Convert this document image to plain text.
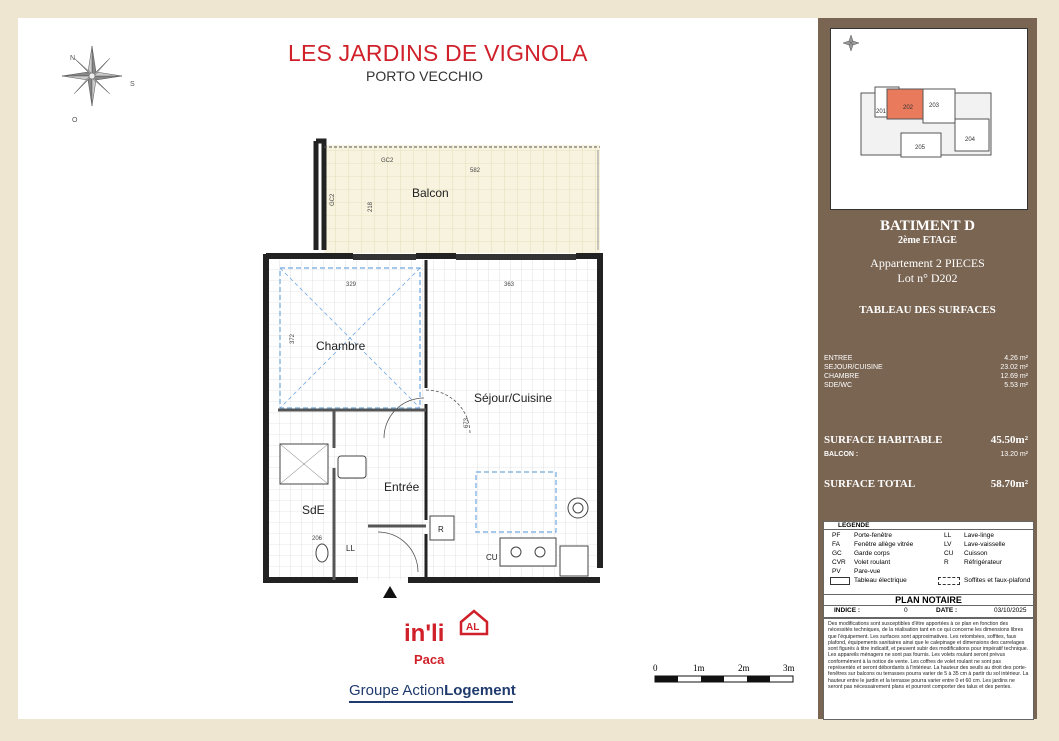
LES JARDINS DE VIGNOLA
PORTO VECCHIO
N
S
O
GC2
582
218
GC2
329
372
363
673
206
LL
CU
R
Balcon
Chambre
Séjour/Cuisine
Entrée
SdE
in'li AL
Paca
Groupe ActionLogement
0	1m	2m	3m
201
202	203
204
205
BATIMENT D
2ème ETAGE
Appartement 2 PIECES
Lot n° D202
TABLEAU DES SURFACES
ENTREE	4.26 m²
SEJOUR/CUISINE	23.02 m²
CHAMBRE	12.69 m²
SDE/WC	5.53 m²
SURFACE HABITABLE	45.50m²
BALCON :	13.20 m²
SURFACE TOTAL	58.70m²
LEGENDE
PF Porte-fenêtre	LL Lave-linge
FA Fenêtre allège vitrée	LV Lave-vaisselle
GC Garde corps	CU Cuisson
CVR Volet roulant	R Réfrigérateur
PV Pare-vue
Tableau électrique	Soffites et faux-plafond
PLAN NOTAIRE
INDICE :	0	DATE :	03/10/2025
Des modifications sont susceptibles d'être apportées à ce plan en fonction des nécessités techniques, de la réalisation tant en ce qui concerne les dimensions libres que l'équipement. Les surfaces sont approximatives. Les retombées, soffites, faux plafond, équipements sanitaires ainsi que le calepinage et dimensions des carrelages sont figurés à titre indicatif, et peuvent subir des modifications pour impératif technique. Les appareils ménagers ne sont pas fournis. Les volets roulant seront prévus conformément à la notice de vente. Les coffres de volet roulant ne sont pas représentés et seront débordants à l'intérieur. La hauteur des seuils au droit des porte-fenêtres sur balcons ou terrasses pourra varier de 5 à 35 cm à partir du sol intérieur. La hauteur entre le jardin et la terrasse pourra varier entre 0 et 60 cm. Les jardins ne seront pas nécessairement plans et pourront comporter des talus et des pentes.
